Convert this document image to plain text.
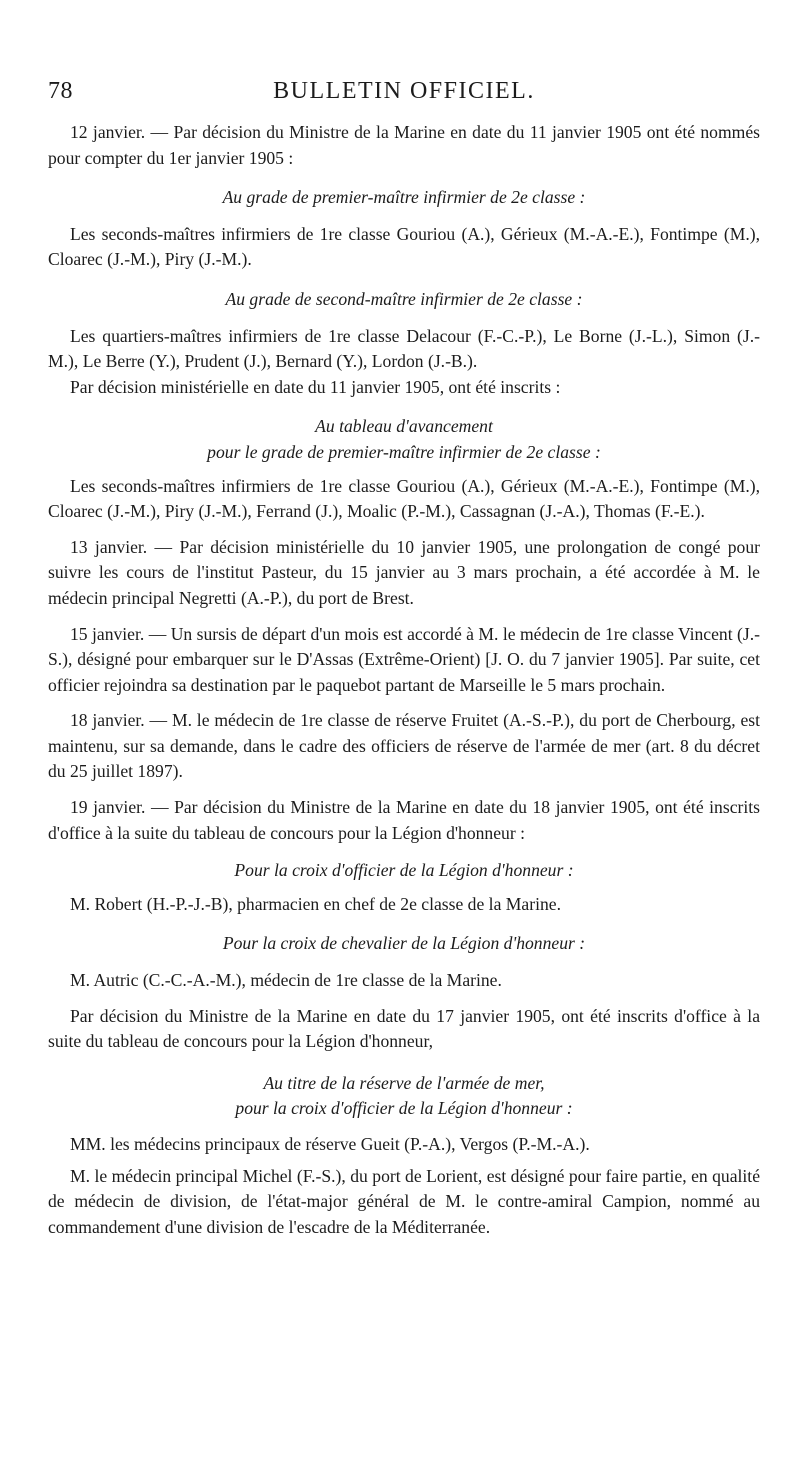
78	BULLETIN OFFICIEL.

12 janvier. — Par décision du Ministre de la Marine en date du 11 janvier 1905 ont été nommés pour compter du 1er janvier 1905 :

Au grade de premier-maître infirmier de 2e classe :

Les seconds-maîtres infirmiers de 1re classe Gouriou (A.), Gérieux (M.-A.-E.), Fontimpe (M.), Cloarec (J.-M.), Piry (J.-M.).

Au grade de second-maître infirmier de 2e classe :

Les quartiers-maîtres infirmiers de 1re classe Delacour (F.-C.-P.), Le Borne (J.-L.), Simon (J.-M.), Le Berre (Y.), Prudent (J.), Bernard (Y.), Lordon (J.-B.).

Par décision ministérielle en date du 11 janvier 1905, ont été inscrits :

Au tableau d'avancement

pour le grade de premier-maître infirmier de 2e classe :

Les seconds-maîtres infirmiers de 1re classe Gouriou (A.), Gérieux (M.-A.-E.), Fontimpe (M.), Cloarec (J.-M.), Piry (J.-M.), Ferrand (J.), Moalic (P.-M.), Cassagnan (J.-A.), Thomas (F.-E.).

13 janvier. — Par décision ministérielle du 10 janvier 1905, une prolongation de congé pour suivre les cours de l'institut Pasteur, du 15 janvier au 3 mars prochain, a été accordée à M. le médecin principal Negretti (A.-P.), du port de Brest.

15 janvier. — Un sursis de départ d'un mois est accordé à M. le médecin de 1re classe Vincent (J.-S.), désigné pour embarquer sur le D'Assas (Extrême-Orient) [J. O. du 7 janvier 1905]. Par suite, cet officier rejoindra sa destination par le paquebot partant de Marseille le 5 mars prochain.

18 janvier. — M. le médecin de 1re classe de réserve Fruitet (A.-S.-P.), du port de Cherbourg, est maintenu, sur sa demande, dans le cadre des officiers de réserve de l'armée de mer (art. 8 du décret du 25 juillet 1897).

19 janvier. — Par décision du Ministre de la Marine en date du 18 janvier 1905, ont été inscrits d'office à la suite du tableau de concours pour la Légion d'honneur :

Pour la croix d'officier de la Légion d'honneur :

M. Robert (H.-P.-J.-B), pharmacien en chef de 2e classe de la Marine.

Pour la croix de chevalier de la Légion d'honneur :

M. Autric (C.-C.-A.-M.), médecin de 1re classe de la Marine.

Par décision du Ministre de la Marine en date du 17 janvier 1905, ont été inscrits d'office à la suite du tableau de concours pour la Légion d'honneur,

Au titre de la réserve de l'armée de mer,

pour la croix d'officier de la Légion d'honneur :

MM. les médecins principaux de réserve Gueit (P.-A.), Vergos (P.-M.-A.).

M. le médecin principal Michel (F.-S.), du port de Lorient, est désigné pour faire partie, en qualité de médecin de division, de l'état-major général de M. le contre-amiral Campion, nommé au commandement d'une division de l'escadre de la Méditerranée.
